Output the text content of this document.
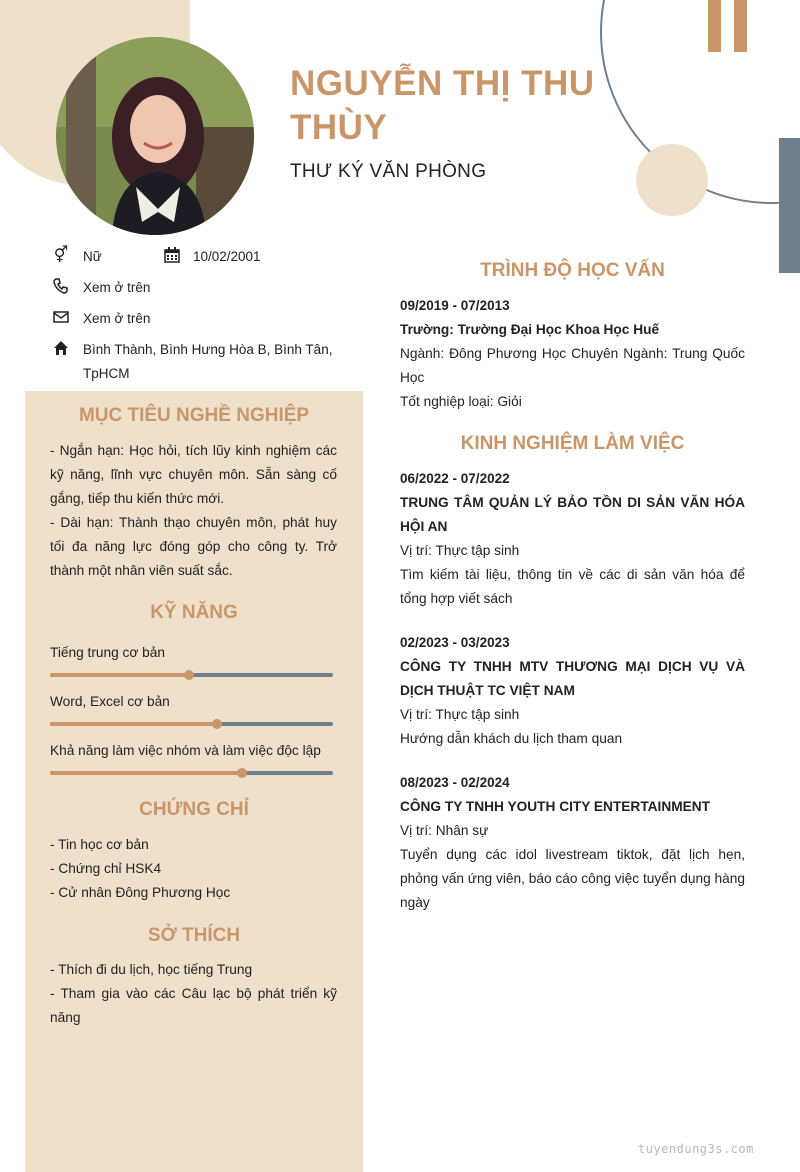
NGUYỄN THỊ THU THÙY
THƯ KÝ VĂN PHÒNG
⚥ Nữ	10/02/2001
Xem ở trên
Xem ở trên
Bình Thành, Bình Hưng Hòa B, Bình Tân, TpHCM
MỤC TIÊU NGHỀ NGHIỆP
- Ngắn hạn: Học hỏi, tích lũy kinh nghiệm các kỹ năng, lĩnh vực chuyên môn. Sẵn sàng cố gắng, tiếp thu kiến thức mới.
- Dài hạn: Thành thạo chuyên môn, phát huy tối đa năng lực đóng góp cho công ty. Trở thành một nhân viên suất sắc.
KỸ NĂNG
Tiếng trung cơ bản
Word, Excel cơ bản
Khả năng làm việc nhóm và làm việc độc lập
CHỨNG CHỈ
- Tin học cơ bản
- Chứng chỉ HSK4
- Cử nhân Đông Phương Học
SỞ THÍCH
- Thích đi du lịch, học tiếng Trung
- Tham gia vào các Câu lạc bộ phát triển kỹ năng
TRÌNH ĐỘ HỌC VẤN
09/2019 - 07/2013
Trường: Trường Đại Học Khoa Học Huế
Ngành: Đông Phương Học Chuyên Ngành: Trung Quốc Học
Tốt nghiệp loại: Giỏi
KINH NGHIỆM LÀM VIỆC
06/2022 - 07/2022
TRUNG TÂM QUẢN LÝ BẢO TỒN DI SẢN VĂN HÓA HỘI AN
Vị trí: Thực tập sinh
Tìm kiếm tài liệu, thông tin về các di sản văn hóa để tổng hợp viết sách
02/2023 - 03/2023
CÔNG TY TNHH MTV THƯƠNG MẠI DỊCH VỤ VÀ DỊCH THUẬT TC VIỆT NAM
Vị trí: Thực tập sinh
Hướng dẫn khách du lịch tham quan
08/2023 - 02/2024
CÔNG TY TNHH YOUTH CITY ENTERTAINMENT
Vị trí: Nhân sự
Tuyển dụng các idol livestream tiktok, đặt lịch hẹn, phỏng vấn ứng viên, báo cáo công việc tuyển dụng hàng ngày
tuyendung3s.com
